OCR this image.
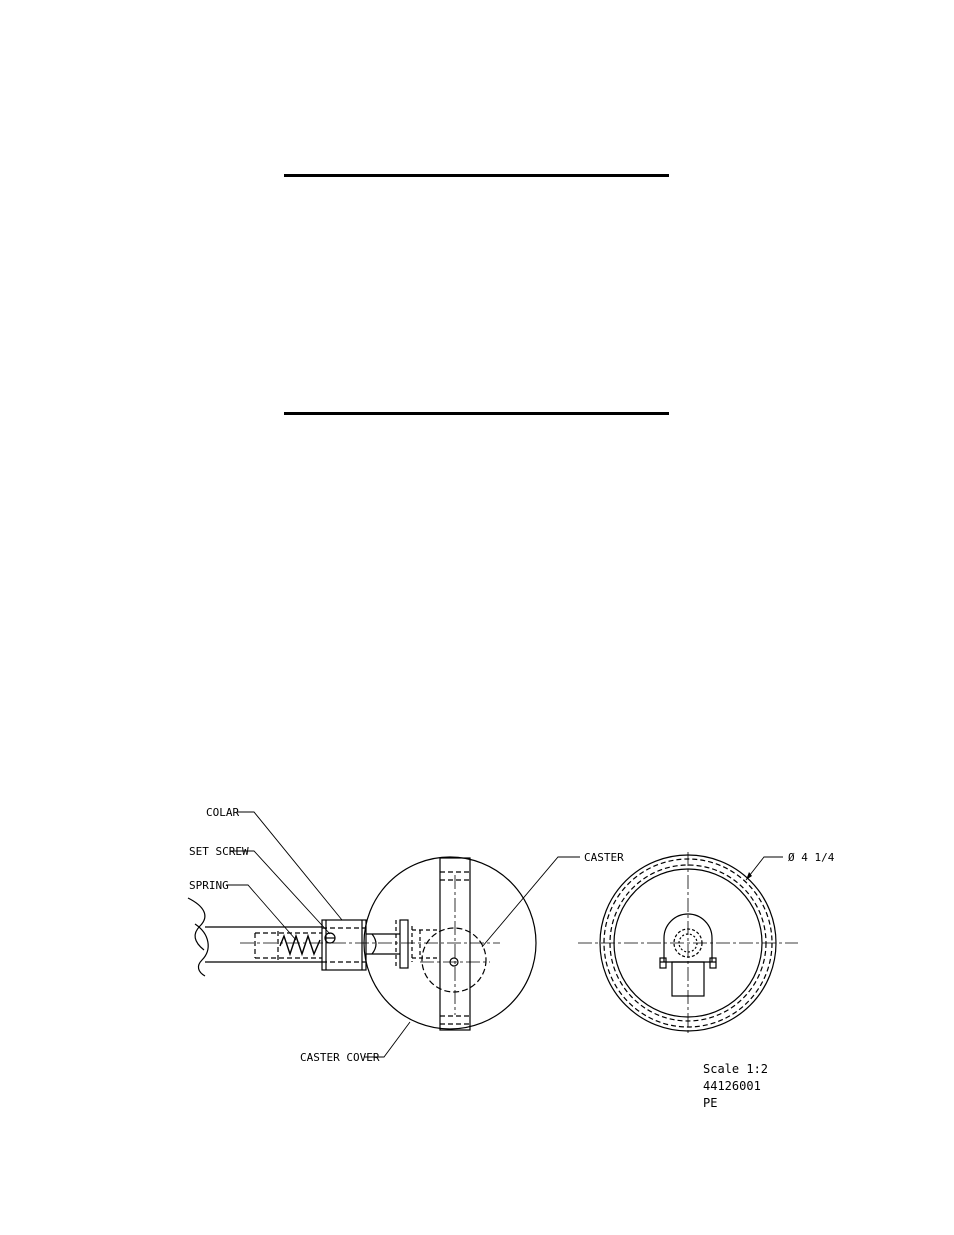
COLAR
SET SCREW
SPRING
CASTER
CASTER COVER
Ø 4 1/4
Scale 1:2
44126001
PE
